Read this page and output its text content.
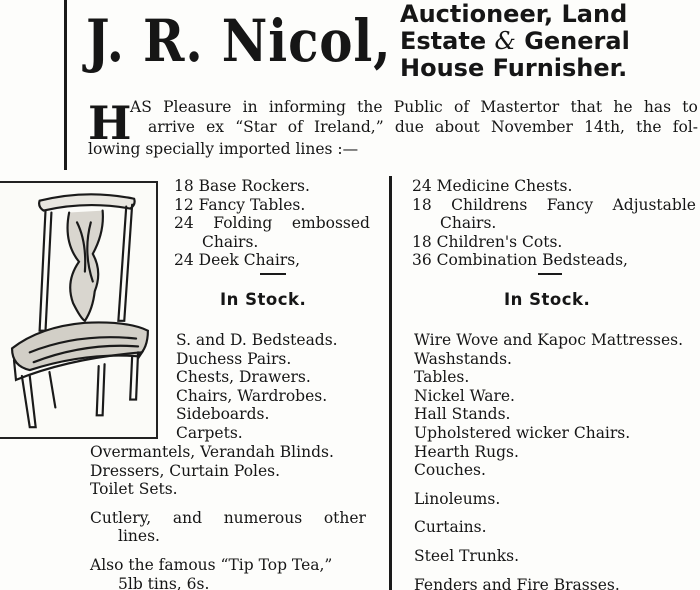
J. R. Nicol, Auctioneer, Land
Estate & General
House Furnisher.
H
AS Pleasure in informing the Public of Mastertor that he has to
arrive ex “Star of Ireland,” due about November 14th, the fol-
lowing specially imported lines :—
18 Base Rockers.
12 Fancy Tables.
24 Folding embossed
Chairs.
24 Deek Chairs,
In Stock.
S. and D. Bedsteads.
Duchess Pairs.
Chests, Drawers.
Chairs, Wardrobes.
Sideboards.
Carpets.
Overmantels, Verandah Blinds.
Dressers, Curtain Poles.
Toilet Sets.
Cutlery, and numerous other
lines.
Also the famous “Tip Top Tea,”
5lb tins, 6s.
24 Medicine Chests.
18 Childrens Fancy Adjustable
Chairs.
18 Children's Cots.
36 Combination Bedsteads,
In Stock.
Wire Wove and Kapoc Mattresses.
Washstands.
Tables.
Nickel Ware.
Hall Stands.
Upholstered wicker Chairs.
Hearth Rugs.
Couches.
Linoleums.
Curtains.
Steel Trunks.
Fenders and Fire Brasses.
